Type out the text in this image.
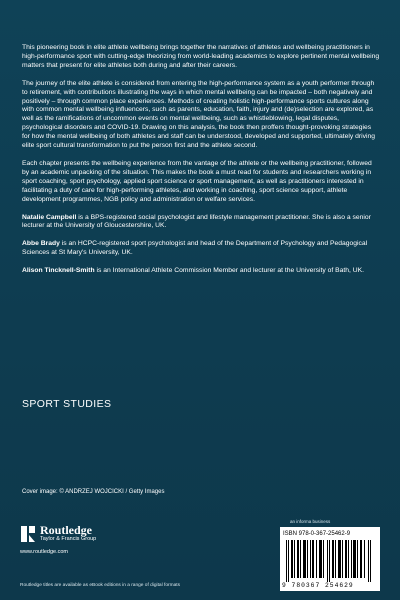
This pioneering book in elite athlete wellbeing brings together the narratives of athletes and wellbeing practitioners in high-performance sport with cutting-edge theorizing from world-leading academics to explore pertinent mental wellbeing matters that present for elite athletes both during and after their careers.

The journey of the elite athlete is considered from entering the high-performance system as a youth performer through to retirement, with contributions illustrating the ways in which mental wellbeing can be impacted – both negatively and positively – through common place experiences. Methods of creating holistic high-performance sports cultures along with common mental wellbeing influencers, such as parents, education, faith, injury and (de)selection are explored, as well as the ramifications of uncommon events on mental wellbeing, such as whistleblowing, legal disputes, psychological disorders and COVID-19. Drawing on this analysis, the book then proffers thought-provoking strategies for how the mental wellbeing of both athletes and staff can be understood, developed and supported, ultimately driving elite sport cultural transformation to put the person first and the athlete second.

Each chapter presents the wellbeing experience from the vantage of the athlete or the wellbeing practitioner, followed by an academic unpacking of the situation. This makes the book a must read for students and researchers working in sport coaching, sport psychology, applied sport science or sport management, as well as practitioners interested in facilitating a duty of care for high-performing athletes, and working in coaching, sport science support, athlete development programmes, NGB policy and administration or welfare services.

Natalie Campbell is a BPS-registered social psychologist and lifestyle management practitioner. She is also a senior lecturer at the University of Gloucestershire, UK.

Abbe Brady is an HCPC-registered sport psychologist and head of the Department of Psychology and Pedagogical Sciences at St Mary's University, UK.

Alison Tincknell-Smith is an International Athlete Commission Member and lecturer at the University of Bath, UK.

SPORT STUDIES
Cover image: © ANDRZEJ WOJCICKI / Getty Images
Routledge
Taylor & Francis Group
www.routledge.com
Routledge titles are available as eBook editions in a range of digital formats
an informa business
ISBN 978-0-367-25462-9
9 780367 254629
